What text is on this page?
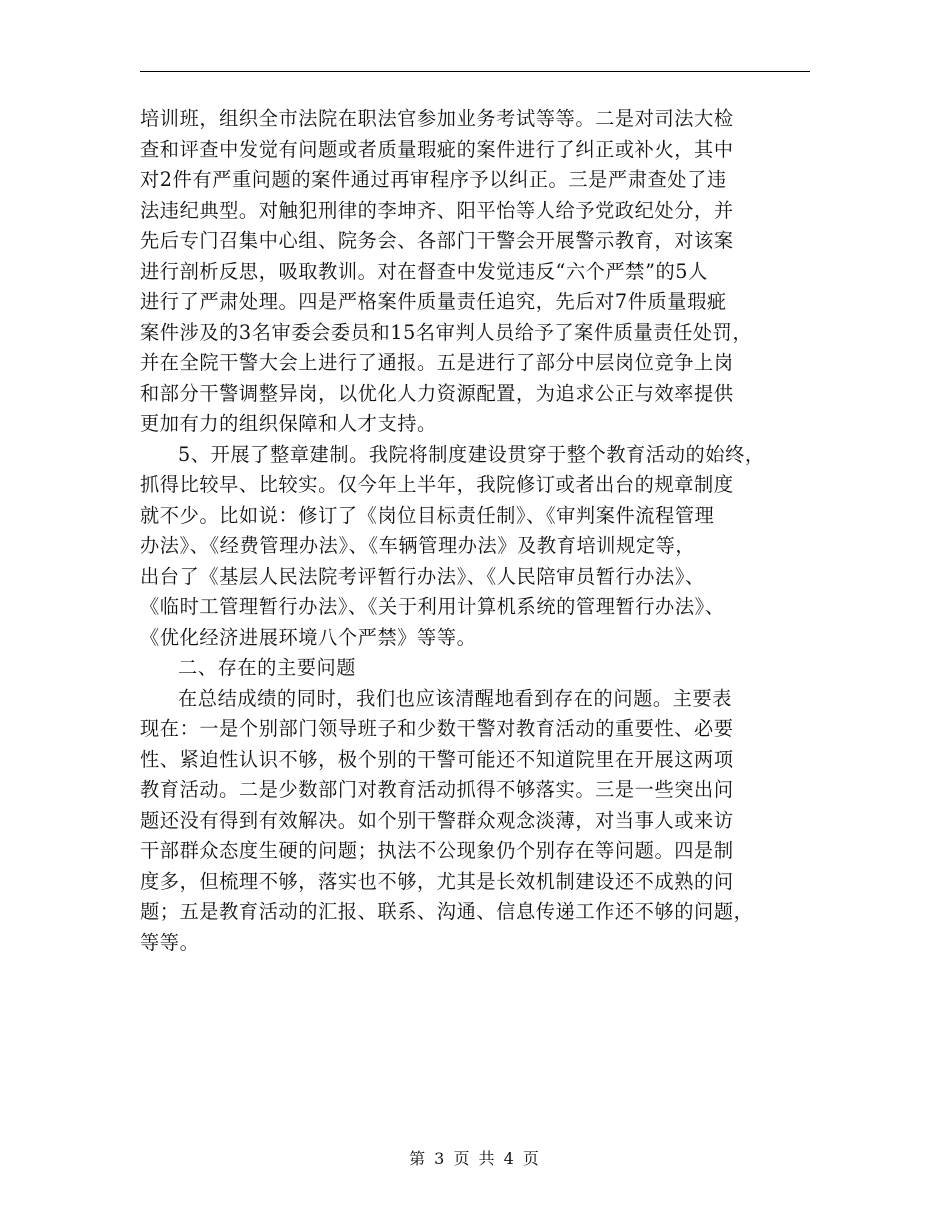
培训班，组织全市法院在职法官参加业务考试等等。二是对司法大检
查和评查中发觉有问题或者质量瑕疵的案件进行了纠正或补火，其中
对2件有严重问题的案件通过再审程序予以纠正。三是严肃查处了违
法违纪典型。对触犯刑律的李坤齐、阳平怡等人给予党政纪处分，并
先后专门召集中心组、院务会、各部门干警会开展警示教育，对该案
进行剖析反思，吸取教训。对在督查中发觉违反“六个严禁”的5人
进行了严肃处理。四是严格案件质量责任追究，先后对7件质量瑕疵
案件涉及的3名审委会委员和15名审判人员给予了案件质量责任处罚，
并在全院干警大会上进行了通报。五是进行了部分中层岗位竞争上岗
和部分干警调整异岗，以优化人力资源配置，为追求公正与效率提供
更加有力的组织保障和人才支持。
5、开展了整章建制。我院将制度建设贯穿于整个教育活动的始终，
抓得比较早、比较实。仅今年上半年，我院修订或者出台的规章制度
就不少。比如说：修订了《岗位目标责任制》、《审判案件流程管理
办法》、《经费管理办法》、《车辆管理办法》及教育培训规定等，
出台了《基层人民法院考评暂行办法》、《人民陪审员暂行办法》、
《临时工管理暂行办法》、《关于利用计算机系统的管理暂行办法》、
《优化经济进展环境八个严禁》等等。
二、存在的主要问题
在总结成绩的同时，我们也应该清醒地看到存在的问题。主要表
现在：一是个别部门领导班子和少数干警对教育活动的重要性、必要
性、紧迫性认识不够，极个别的干警可能还不知道院里在开展这两项
教育活动。二是少数部门对教育活动抓得不够落实。三是一些突出问
题还没有得到有效解决。如个别干警群众观念淡薄，对当事人或来访
干部群众态度生硬的问题；执法不公现象仍个别存在等问题。四是制
度多，但梳理不够，落实也不够，尤其是长效机制建设还不成熟的问
题；五是教育活动的汇报、联系、沟通、信息传递工作还不够的问题，
等等。
第 3 页 共 4 页
